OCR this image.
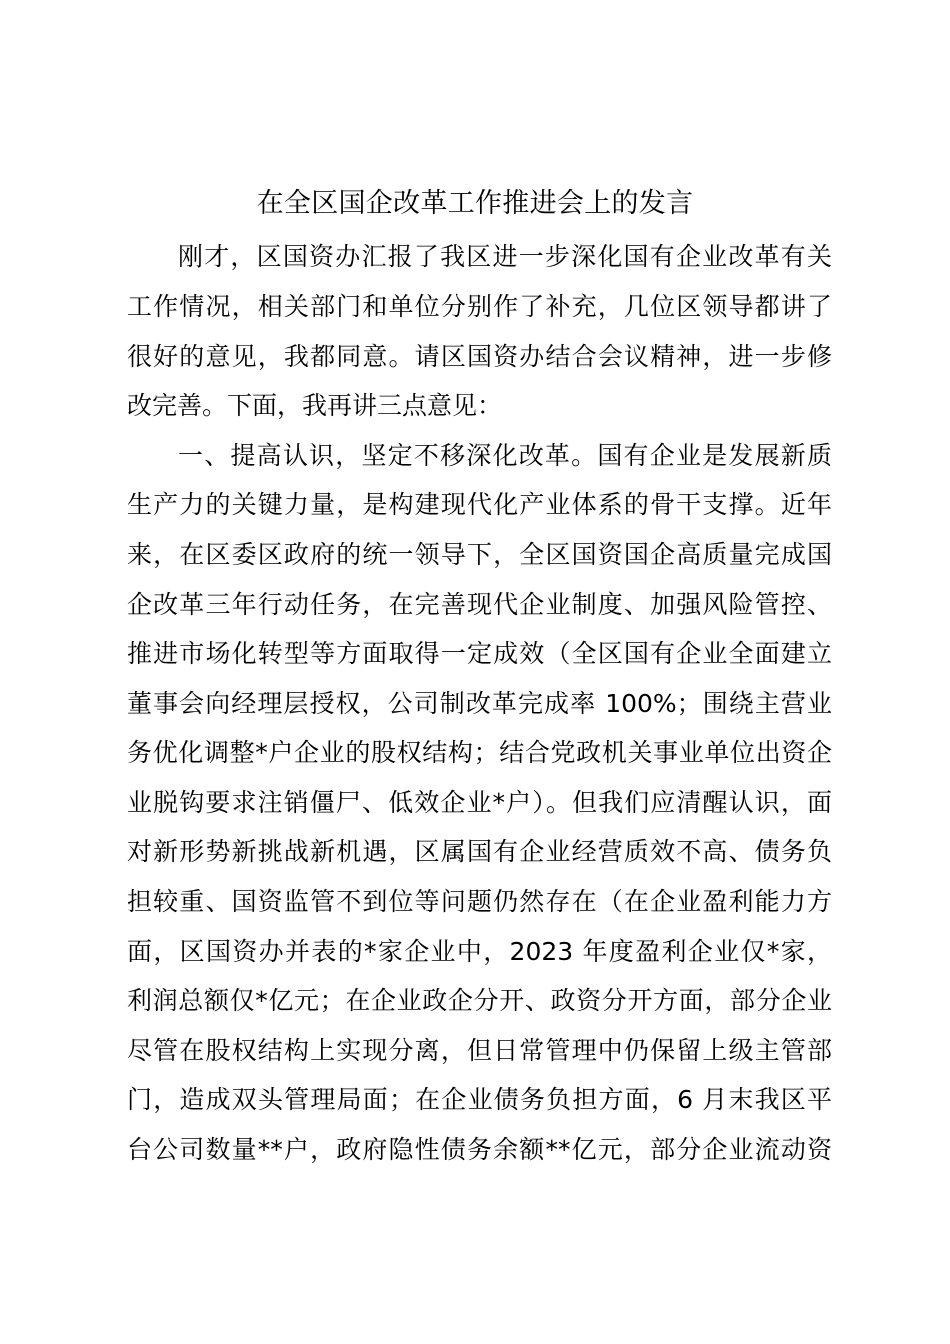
在全区国企改革工作推进会上的发言
刚才，区国资办汇报了我区进一步深化国有企业改革有关
工作情况，相关部门和单位分别作了补充，几位区领导都讲了
很好的意见，我都同意。请区国资办结合会议精神，进一步修
改完善。下面，我再讲三点意见：
一、提高认识，坚定不移深化改革。国有企业是发展新质
生产力的关键力量，是构建现代化产业体系的骨干支撑。近年
来，在区委区政府的统一领导下，全区国资国企高质量完成国
企改革三年行动任务，在完善现代企业制度、加强风险管控、
推进市场化转型等方面取得一定成效（全区国有企业全面建立
董事会向经理层授权，公司制改革完成率 100%；围绕主营业
务优化调整*户企业的股权结构；结合党政机关事业单位出资企
业脱钩要求注销僵尸、低效企业*户）。但我们应清醒认识，面
对新形势新挑战新机遇，区属国有企业经营质效不高、债务负
担较重、国资监管不到位等问题仍然存在（在企业盈利能力方
面，区国资办并表的*家企业中，2023 年度盈利企业仅*家，
利润总额仅*亿元；在企业政企分开、政资分开方面，部分企业
尽管在股权结构上实现分离，但日常管理中仍保留上级主管部
门，造成双头管理局面；在企业债务负担方面，6 月末我区平
台公司数量**户，政府隐性债务余额**亿元，部分企业流动资
